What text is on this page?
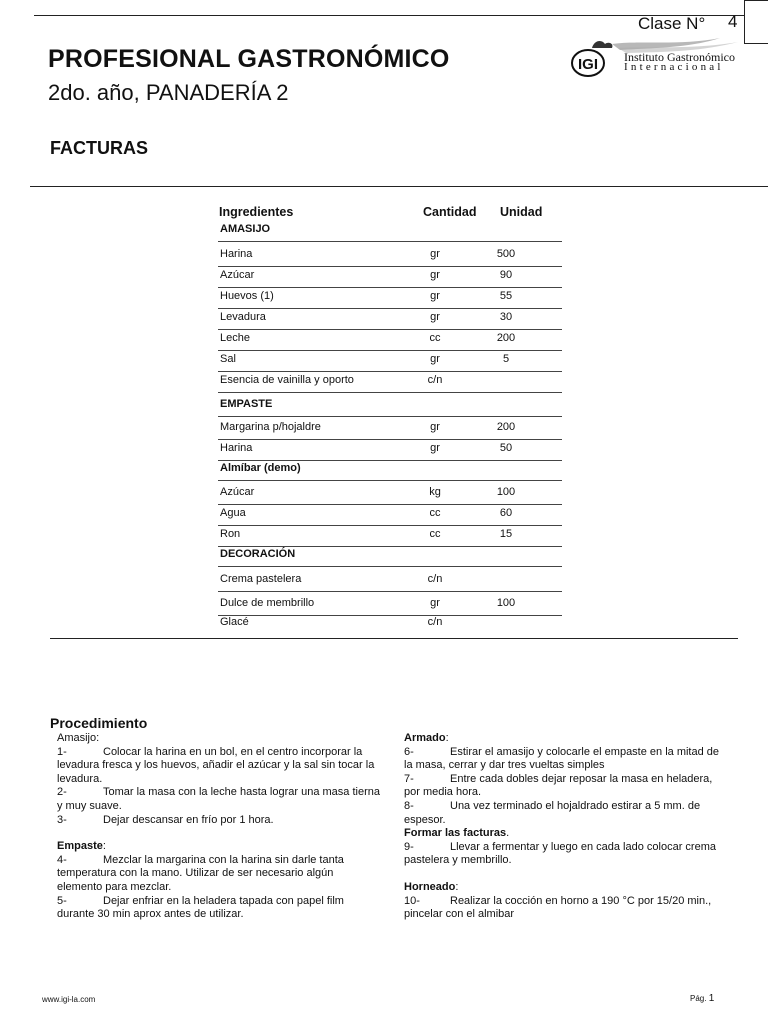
Clase N° 4
PROFESIONAL GASTRONÓMICO
2do. año, PANADERÍA 2
IGI Instituto Gastronómico
Internacional
FACTURAS
Ingredientes	Cantidad Unidad
AMASIJO
Harina	gr	500
Azúcar	gr	90
Huevos (1)	gr	55
Levadura	gr	30
Leche	cc	200
Sal	gr	5
Esencia de vainilla y oporto	c/n
EMPASTE
Margarina p/hojaldre	gr	200
Harina	gr	50
Almíbar (demo)
Azúcar	kg	100
Agua	cc	60
Ron	cc	15
DECORACIÓN
Crema pastelera	c/n
Dulce de membrillo	gr	100
Glacé	c/n
Procedimiento
Amasijo:
1-	Colocar la harina en un bol, en el centro incorporar la levadura fresca y los huevos, añadir el azúcar y la sal sin tocar la levadura.
2-	Tomar la masa con la leche hasta lograr una masa tierna y muy suave.
3-	Dejar descansar en frío por 1 hora.
Empaste:
4-	Mezclar la margarina con la harina sin darle tanta temperatura con la mano. Utilizar de ser necesario algún elemento para mezclar.
5-	Dejar enfriar en la heladera tapada con papel film durante 30 min aprox antes de utilizar.
Armado:
6-	Estirar el amasijo y colocarle el empaste en la mitad de la masa, cerrar y dar tres vueltas simples
7-	Entre cada dobles dejar reposar la masa en heladera, por media hora.
8-	Una vez terminado el hojaldrado estirar a 5 mm. de espesor.
Formar las facturas.
9-	Llevar a fermentar y luego en cada lado colocar crema pastelera y membrillo.
Horneado:
10-	Realizar la cocción en horno a 190 °C por 15/20 min., pincelar con el almibar
www.igi-la.com	Pág. 1
